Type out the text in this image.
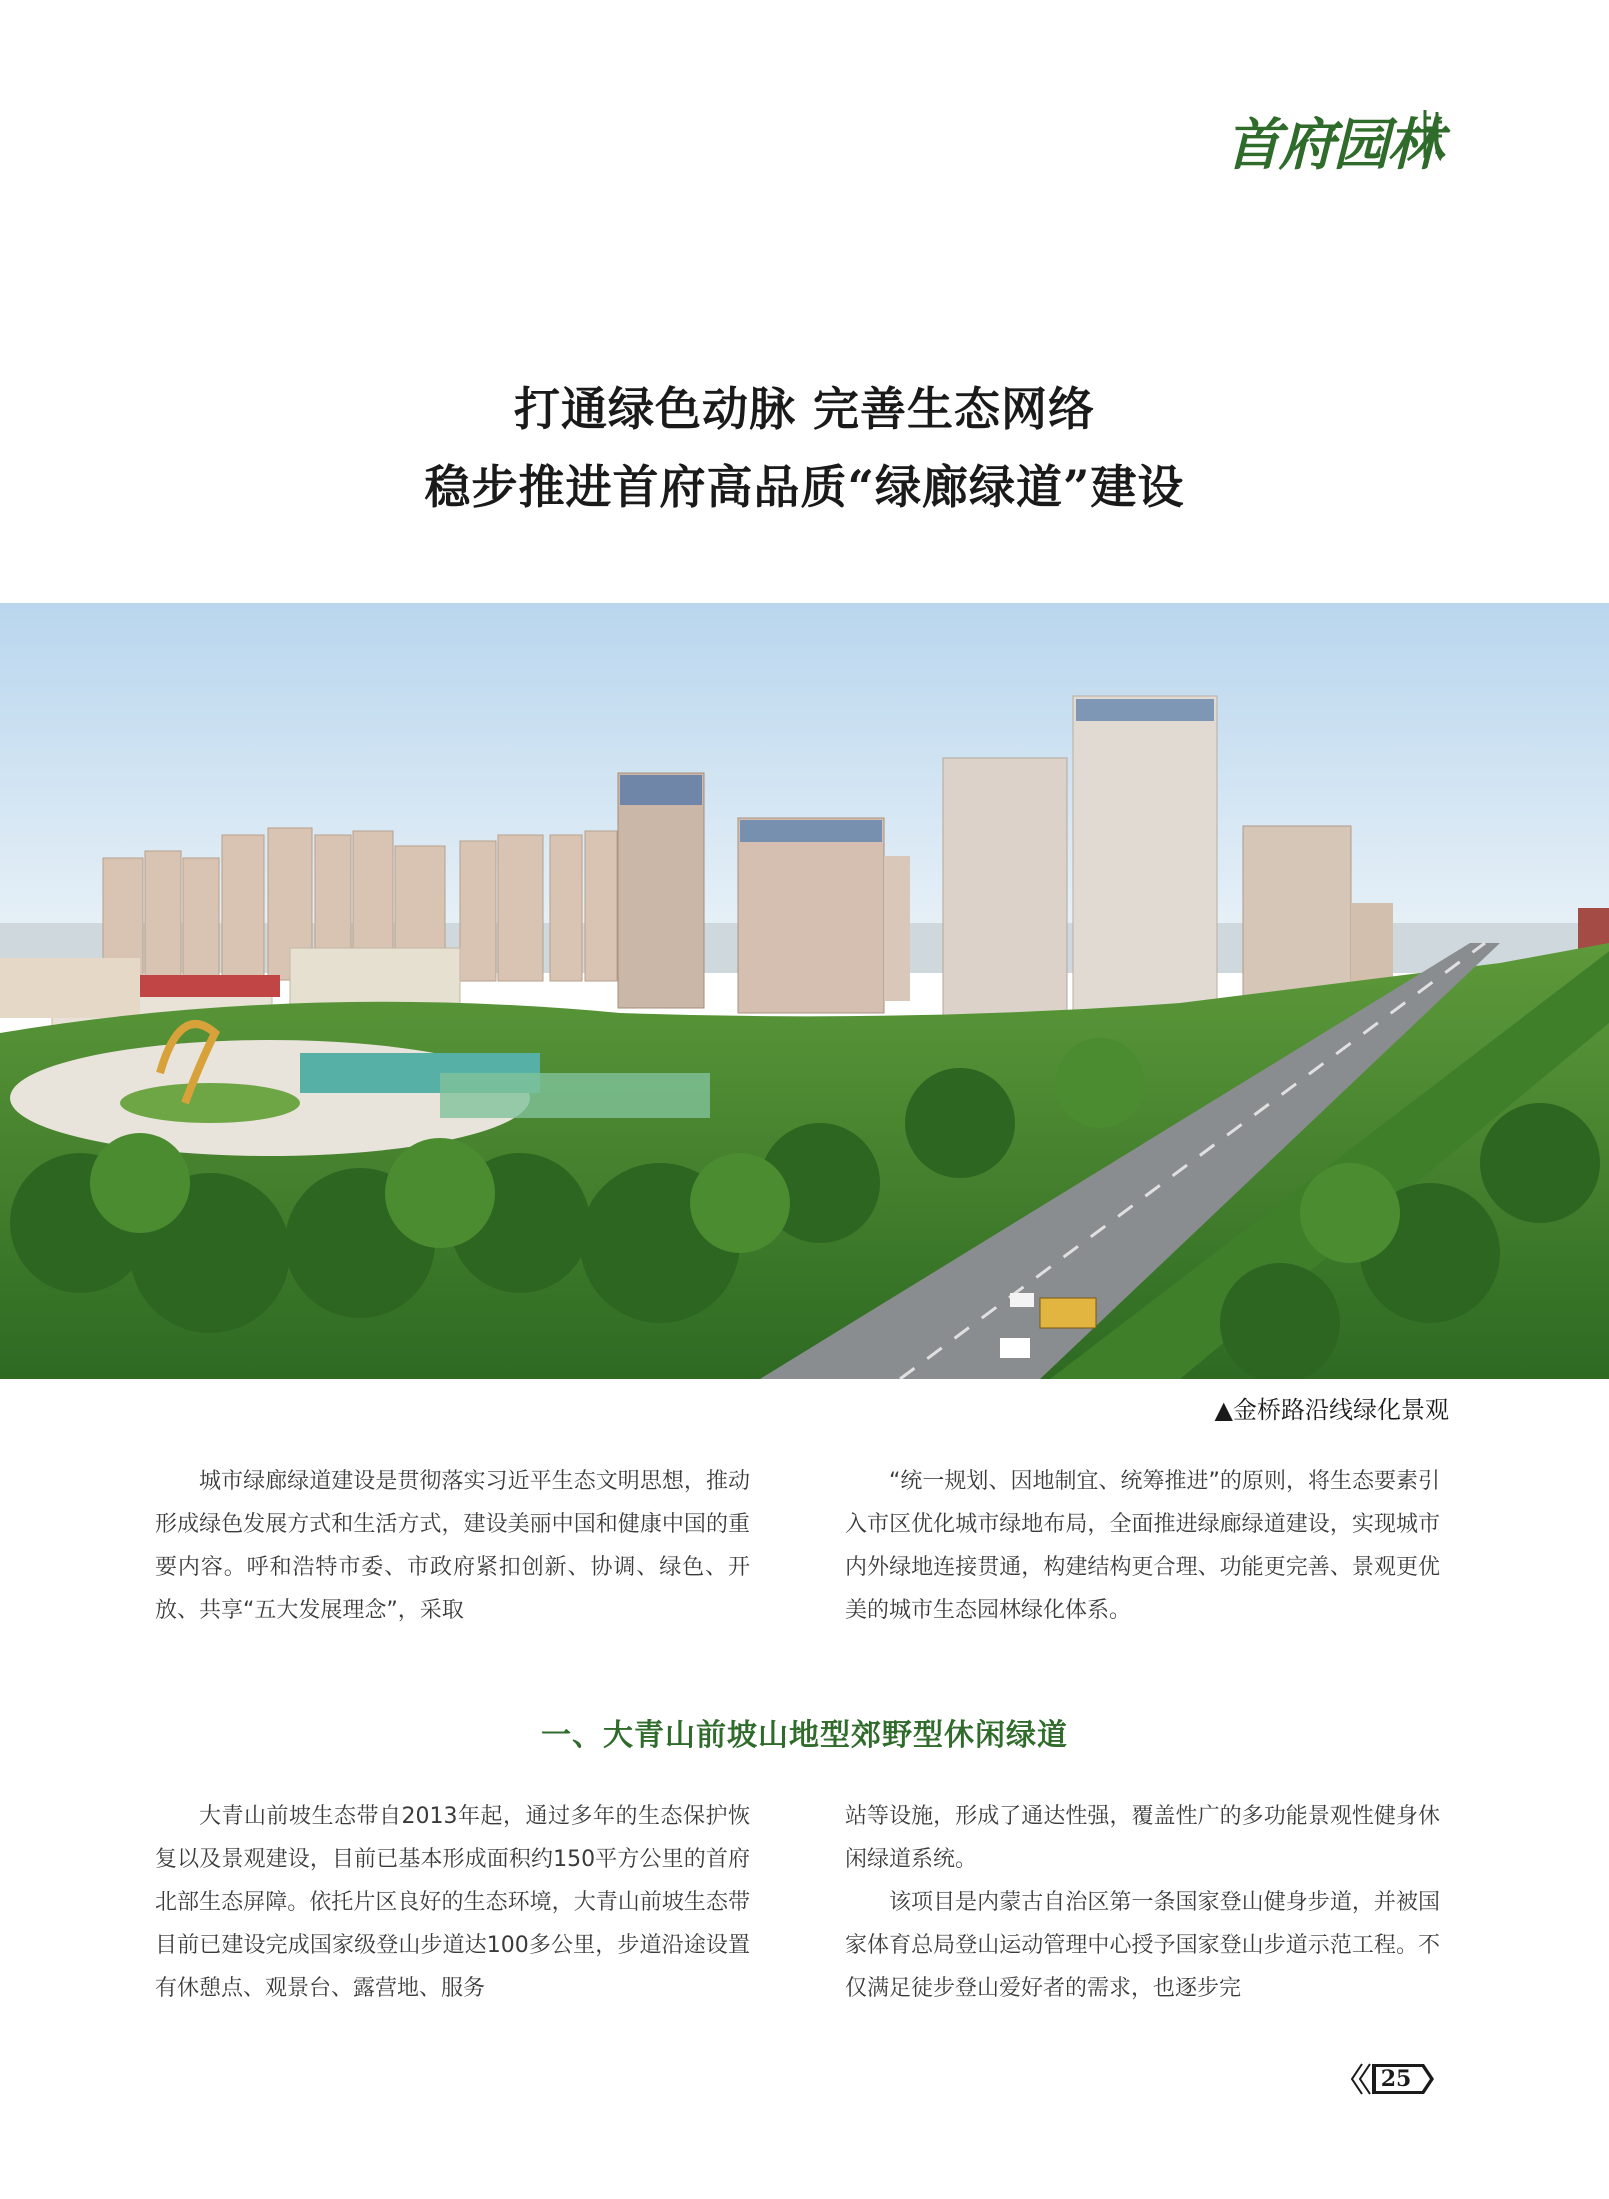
首府园林
打通绿色动脉 完善生态网络
稳步推进首府高品质“绿廊绿道”建设
▲金桥路沿线绿化景观

城市绿廊绿道建设是贯彻落实习近平生态文明思想，推动形成绿色发展方式和生活方式，建设美丽中国和健康中国的重要内容。呼和浩特市委、市政府紧扣创新、协调、绿色、开放、共享“五大发展理念”，采取

“统一规划、因地制宜、统筹推进”的原则，将生态要素引入市区优化城市绿地布局，全面推进绿廊绿道建设，实现城市内外绿地连接贯通，构建结构更合理、功能更完善、景观更优美的城市生态园林绿化体系。

一、大青山前坡山地型郊野型休闲绿道

大青山前坡生态带自2013年起，通过多年的生态保护恢复以及景观建设，目前已基本形成面积约150平方公里的首府北部生态屏障。依托片区良好的生态环境，大青山前坡生态带目前已建设完成国家级登山步道达100多公里，步道沿途设置有休憩点、观景台、露营地、服务

站等设施，形成了通达性强，覆盖性广的多功能景观性健身休闲绿道系统。

该项目是内蒙古自治区第一条国家登山健身步道，并被国家体育总局登山运动管理中心授予国家登山步道示范工程。不仅满足徒步登山爱好者的需求，也逐步完

25
